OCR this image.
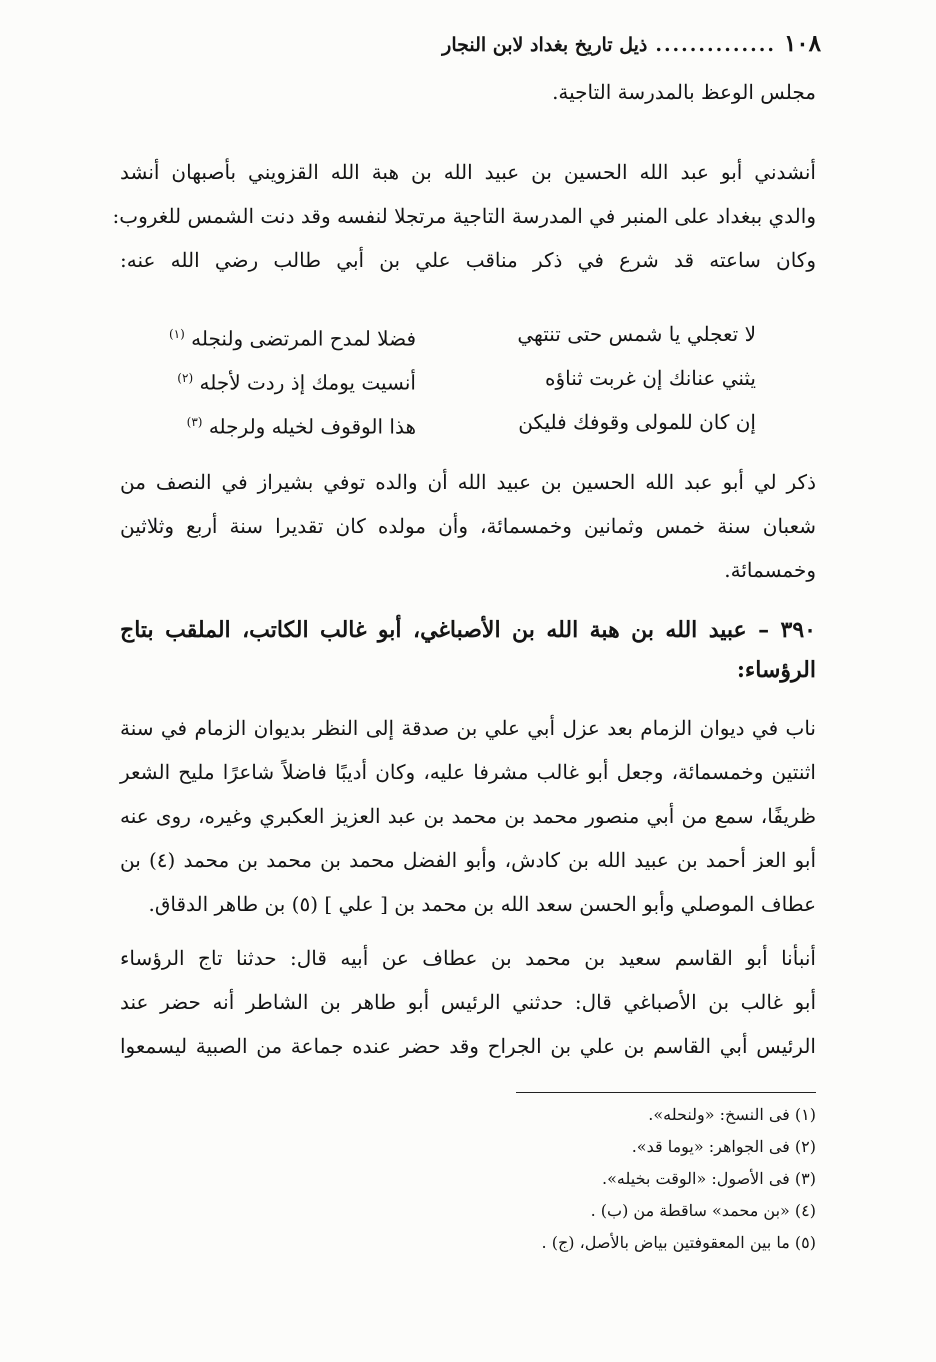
١٠٨
..............
ذيل تاريخ بغداد لابن النجار
مجلس الوعظ بالمدرسة التاجية.
أنشدني أبو عبد الله الحسين بن عبيد الله بن هبة الله القزويني بأصبهان أنشد
والدي ببغداد على المنبر في المدرسة التاجية مرتجلا لنفسه وقد دنت الشمس للغروب:
وكان ساعته قد شرع في ذكر مناقب علي بن أبي طالب رضي الله عنه:
لا تعجلي يا شمس حتى تنتهي
فضلا لمدح المرتضى ولنجله $^{(١)}$
يثني عنانك إن غربت ثناؤه
أنسيت يومك إذ ردت لأجله $^{(٢)}$
إن كان للمولى وقوفك فليكن
هذا الوقوف لخيله ولرجله $^{(٣)}$
ذكر لي أبو عبد الله الحسين بن عبيد الله أن والده توفي بشيراز في النصف من
شعبان سنة خمس وثمانين وخمسمائة، وأن مولده كان تقديرا سنة أربع وثلاثين
وخمسمائة.
٣٩٠ – عبيد الله بن هبة الله بن الأصباغي، أبو غالب الكاتب، الملقب بتاج
الرؤساء:
ناب في ديوان الزمام بعد عزل أبي علي بن صدقة إلى النظر بديوان الزمام في سنة
اثنتين وخمسمائة، وجعل أبو غالب مشرفا عليه، وكان أديبًا فاضلاً شاعرًا مليح الشعر
ظريفًا، سمع من أبي منصور محمد بن محمد بن عبد العزيز العكبري وغيره، روى عنه
أبو العز أحمد بن عبيد الله بن كادش، وأبو الفضل محمد بن محمد بن محمد (٤) بن
عطاف الموصلي وأبو الحسن سعد الله بن محمد بن [ علي ] (٥) بن طاهر الدقاق.
أنبأنا أبو القاسم سعيد بن محمد بن عطاف عن أبيه قال: حدثنا تاج الرؤساء
أبو غالب بن الأصباغي قال: حدثني الرئيس أبو طاهر بن الشاطر أنه حضر عند
الرئيس أبي القاسم بن علي بن الجراح وقد حضر عنده جماعة من الصبية ليسمعوا
(١) فى النسخ: «ولنحله».
(٢) فى الجواهر: «يوما قد».
(٣) فى الأصول: «الوقت بخيله».
(٤) «بن محمد» ساقطة من (ب) .
(٥) ما بين المعقوفتين بياض بالأصل، (ج) .
